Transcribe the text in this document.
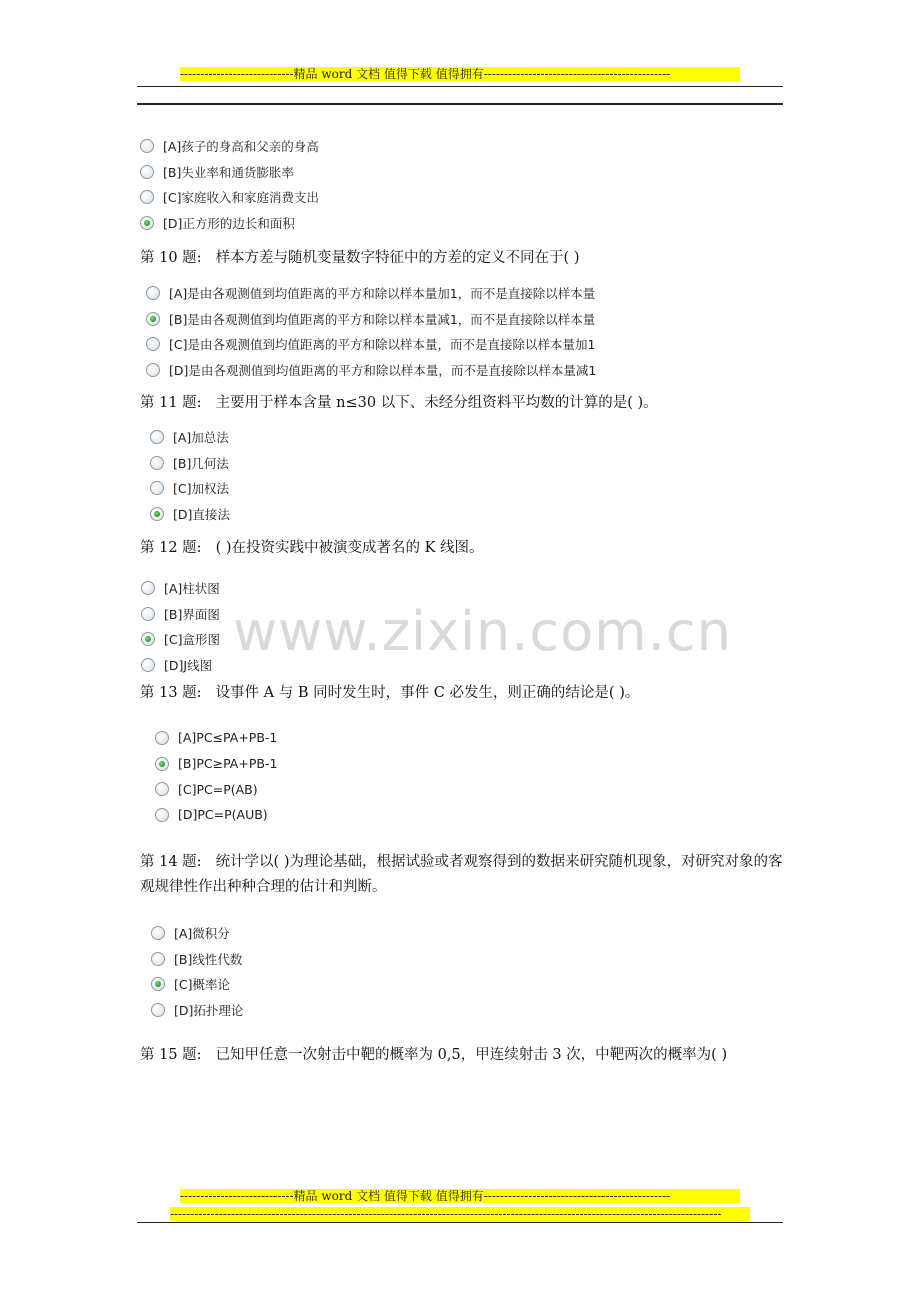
----------------------------精品 word 文档 值得下载 值得拥有----------------------------------------------
www.zixin.com.cn
[A]孩子的身高和父亲的身高
[B]失业率和通货膨胀率
[C]家庭收入和家庭消费支出
[D]正方形的边长和面积
第 10 题: 样本方差与随机变量数字特征中的方差的定义不同在于( )
[A]是由各观测值到均值距离的平方和除以样本量加1，而不是直接除以样本量
[B]是由各观测值到均值距离的平方和除以样本量减1，而不是直接除以样本量
[C]是由各观测值到均值距离的平方和除以样本量，而不是直接除以样本量加1
[D]是由各观测值到均值距离的平方和除以样本量，而不是直接除以样本量减1
第 11 题: 主要用于样本含量 n≤30 以下、未经分组资料平均数的计算的是( )。
[A]加总法
[B]几何法
[C]加权法
[D]直接法
第 12 题: ( )在投资实践中被演变成著名的 K 线图。
[A]柱状图
[B]界面图
[C]盒形图
[D]J线图
第 13 题: 设事件 A 与 B 同时发生时，事件 C 必发生，则正确的结论是( )。
[A]PC≤PA+PB-1
[B]PC≥PA+PB-1
[C]PC=P(AB)
[D]PC=P(AUB)
第 14 题: 统计学以( )为理论基础，根据试验或者观察得到的数据来研究随机现象，对研究对象的客观规律性作出种种合理的估计和判断。
[A]微积分
[B]线性代数
[C]概率论
[D]拓扑理论
第 15 题: 已知甲任意一次射击中靶的概率为 0,5，甲连续射击 3 次，中靶两次的概率为( )
----------------------------精品 word 文档 值得下载 值得拥有----------------------------------------------
----------------------------------------------------------------------------------------------------------------------------------------
